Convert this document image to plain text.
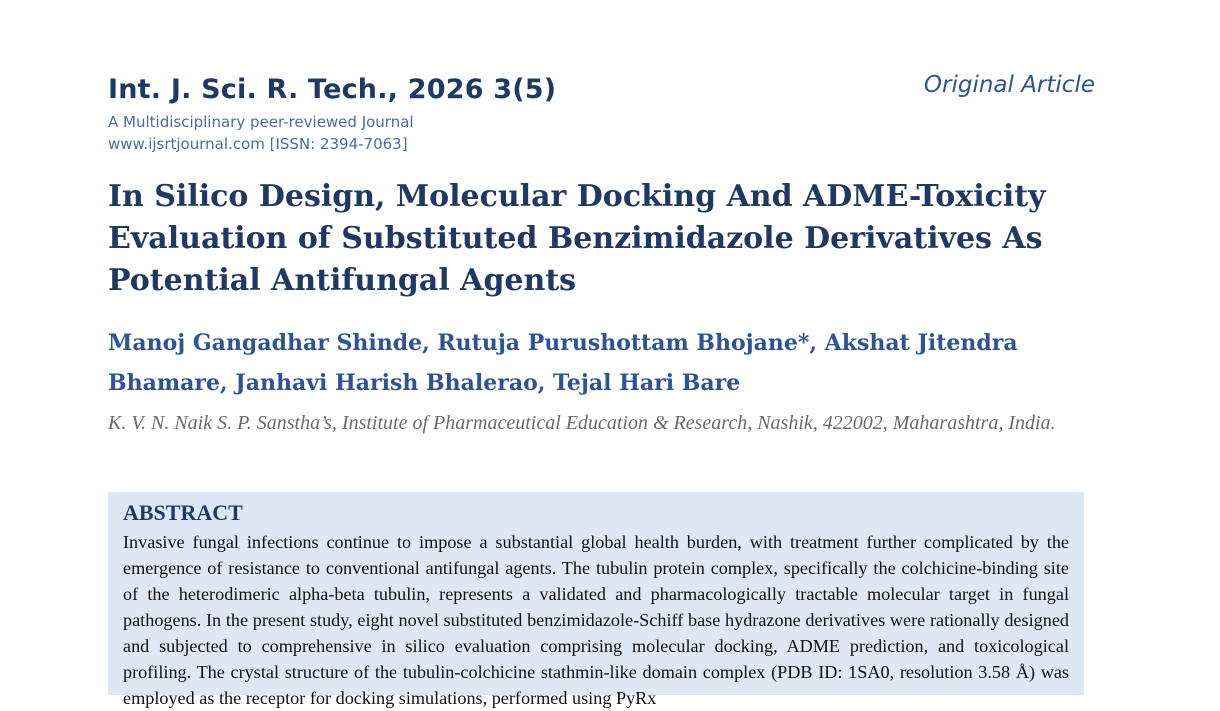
Int. J. Sci. R. Tech., 2026 3(5)	Original Article
A Multidisciplinary peer-reviewed Journal
www.ijsrtjournal.com [ISSN: 2394-7063]
In Silico Design, Molecular Docking And ADME-Toxicity Evaluation of Substituted Benzimidazole Derivatives As Potential Antifungal Agents
Manoj Gangadhar Shinde, Rutuja Purushottam Bhojane*, Akshat Jitendra Bhamare, Janhavi Harish Bhalerao, Tejal Hari Bare
K. V. N. Naik S. P. Sanstha’s, Institute of Pharmaceutical Education & Research, Nashik, 422002, Maharashtra, India.
ABSTRACT
Invasive fungal infections continue to impose a substantial global health burden, with treatment further complicated by the emergence of resistance to conventional antifungal agents. The tubulin protein complex, specifically the colchicine-binding site of the heterodimeric alpha-beta tubulin, represents a validated and pharmacologically tractable molecular target in fungal pathogens. In the present study, eight novel substituted benzimidazole-Schiff base hydrazone derivatives were rationally designed and subjected to comprehensive in silico evaluation comprising molecular docking, ADME prediction, and toxicological profiling. The crystal structure of the tubulin-colchicine stathmin-like domain complex (PDB ID: 1SA0, resolution 3.58 Å) was employed as the receptor for docking simulations, performed using PyRx
